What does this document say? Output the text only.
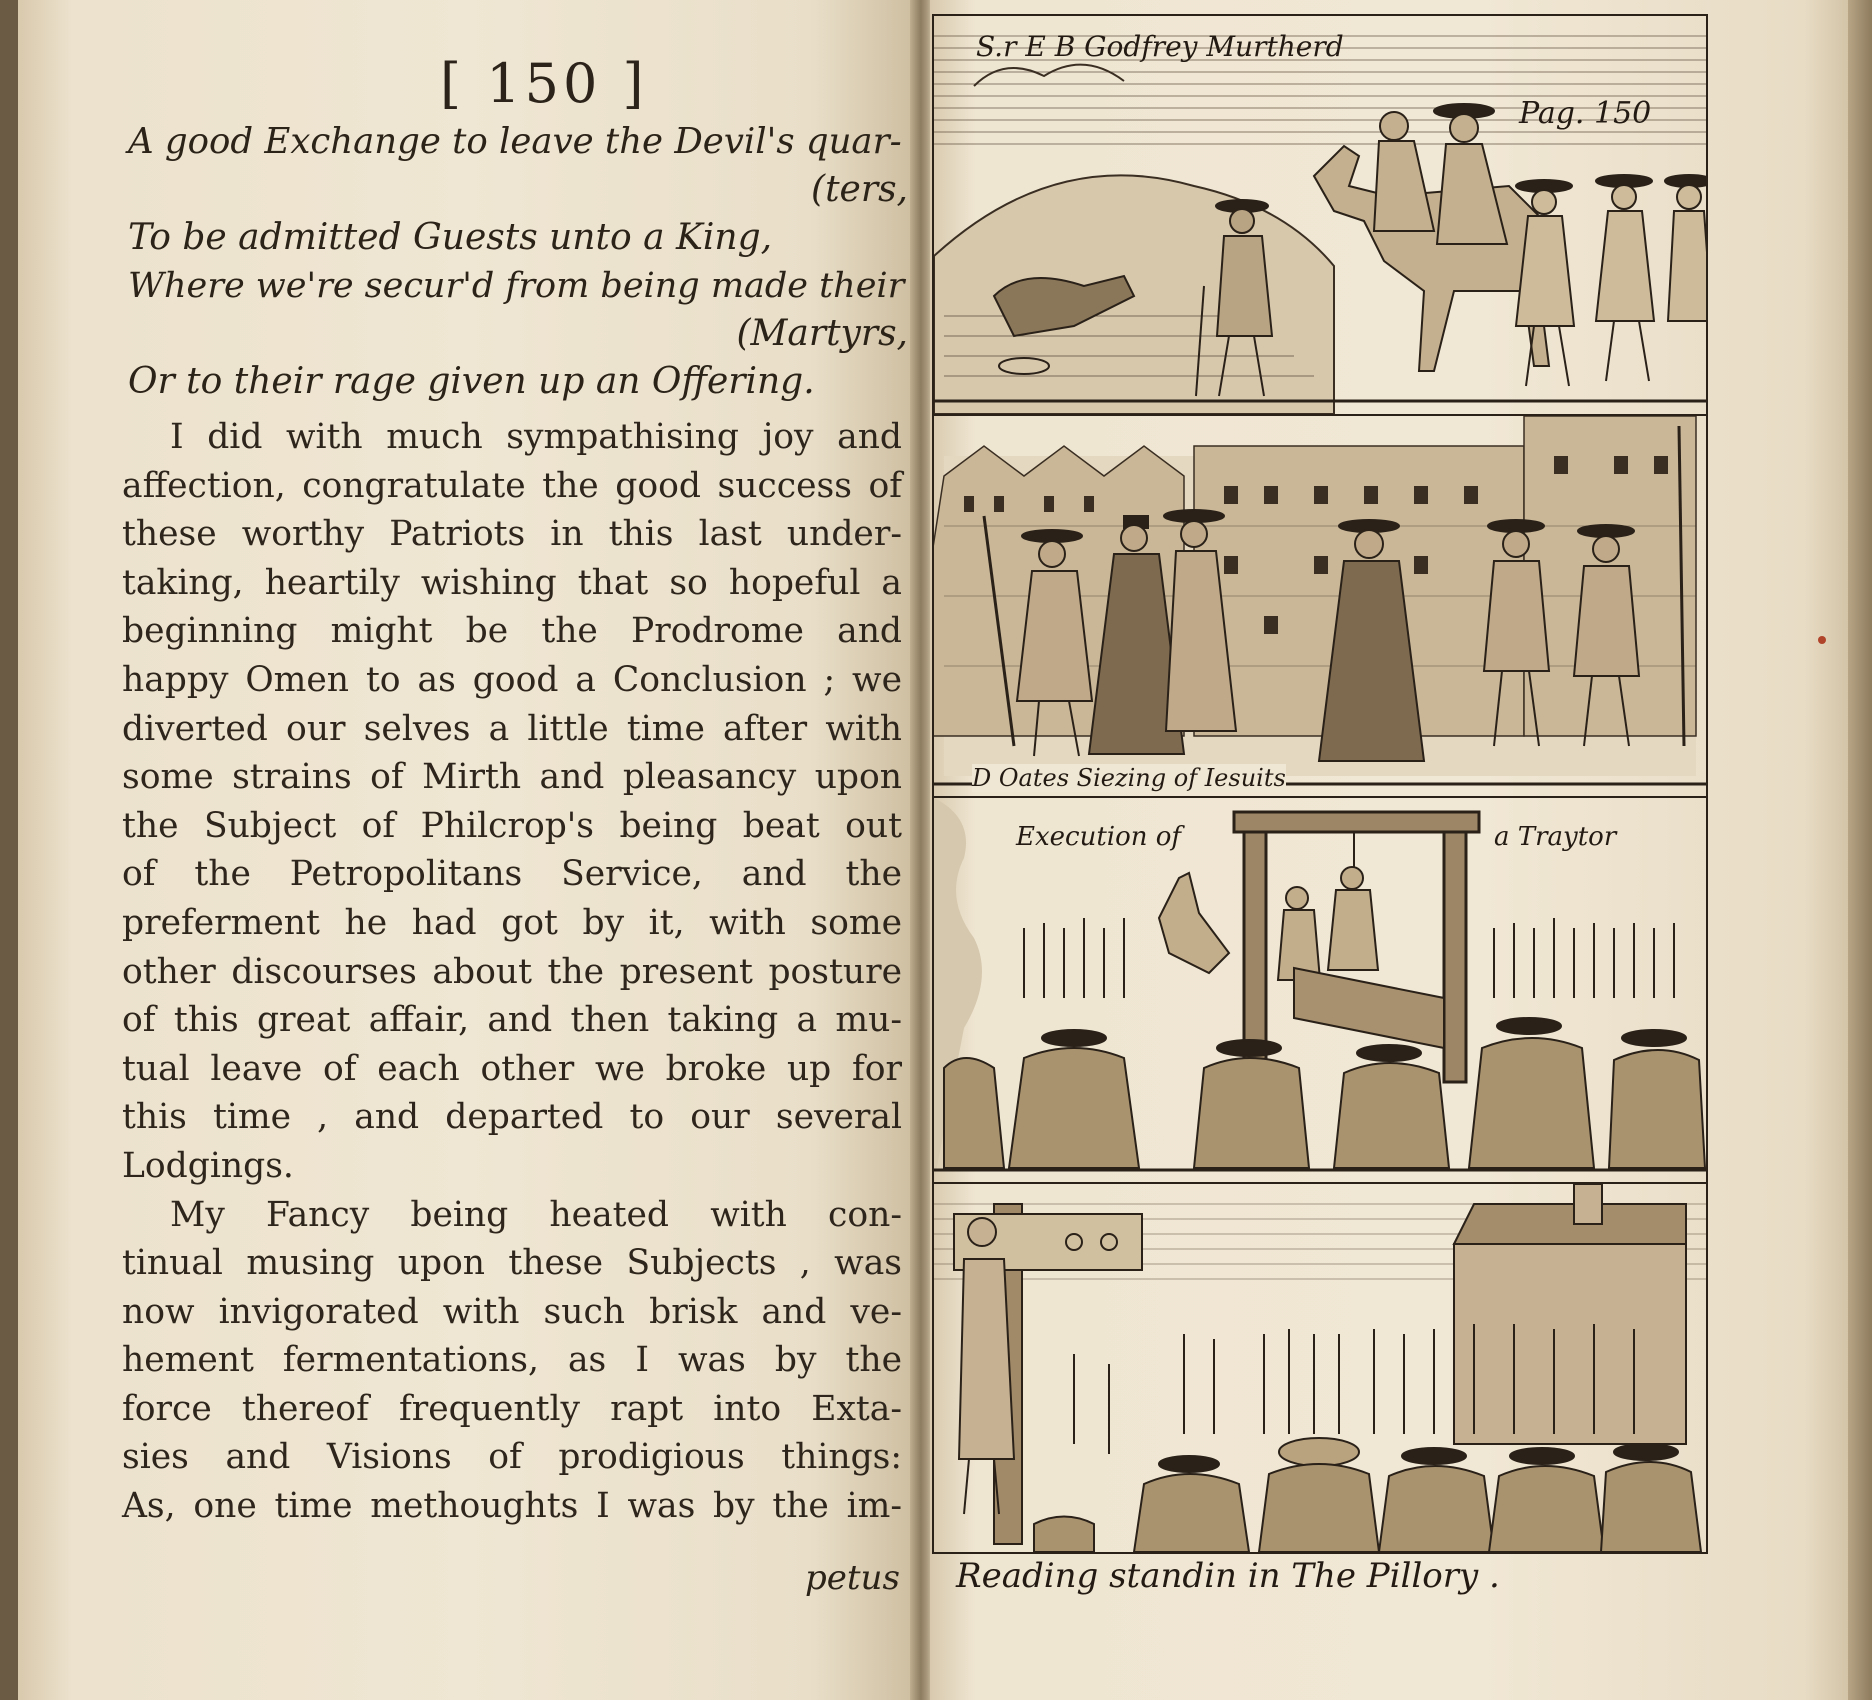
[ 150 ]
A good Exchange to leave the Devil's quar-
(ters,
To be admitted Guests unto a King,
Where we're secur'd from being made their
(Martyrs,
Or to their rage given up an Offering.
I did with much sympathising joy and
affection, congratulate the good success of
these worthy Patriots in this last under-
taking, heartily wishing that so hopeful a
beginning might be the Prodrome and
happy Omen to as good a Conclusion ; we
diverted our selves a little time after with
some strains of Mirth and pleasancy upon
the Subject of Philcrop's being beat out
of the Petropolitans Service, and the
preferment he had got by it, with some
other discourses about the present posture
of this great affair, and then taking a mu-
tual leave of each other we broke up for
this time , and departed to our several
Lodgings.
My Fancy being heated with con-
tinual musing upon these Subjects , was
now invigorated with such brisk and ve-
hement fermentations, as I was by the
force thereof frequently rapt into Exta-
sies and Visions of prodigious things:
As, one time methoughts I was by the im-
petus
S.r E B Godfrey Murtherd
Pag. 150
D Oates Siezing of Iesuits
Execution of	a Traytor
Reading standin in The Pillory .
